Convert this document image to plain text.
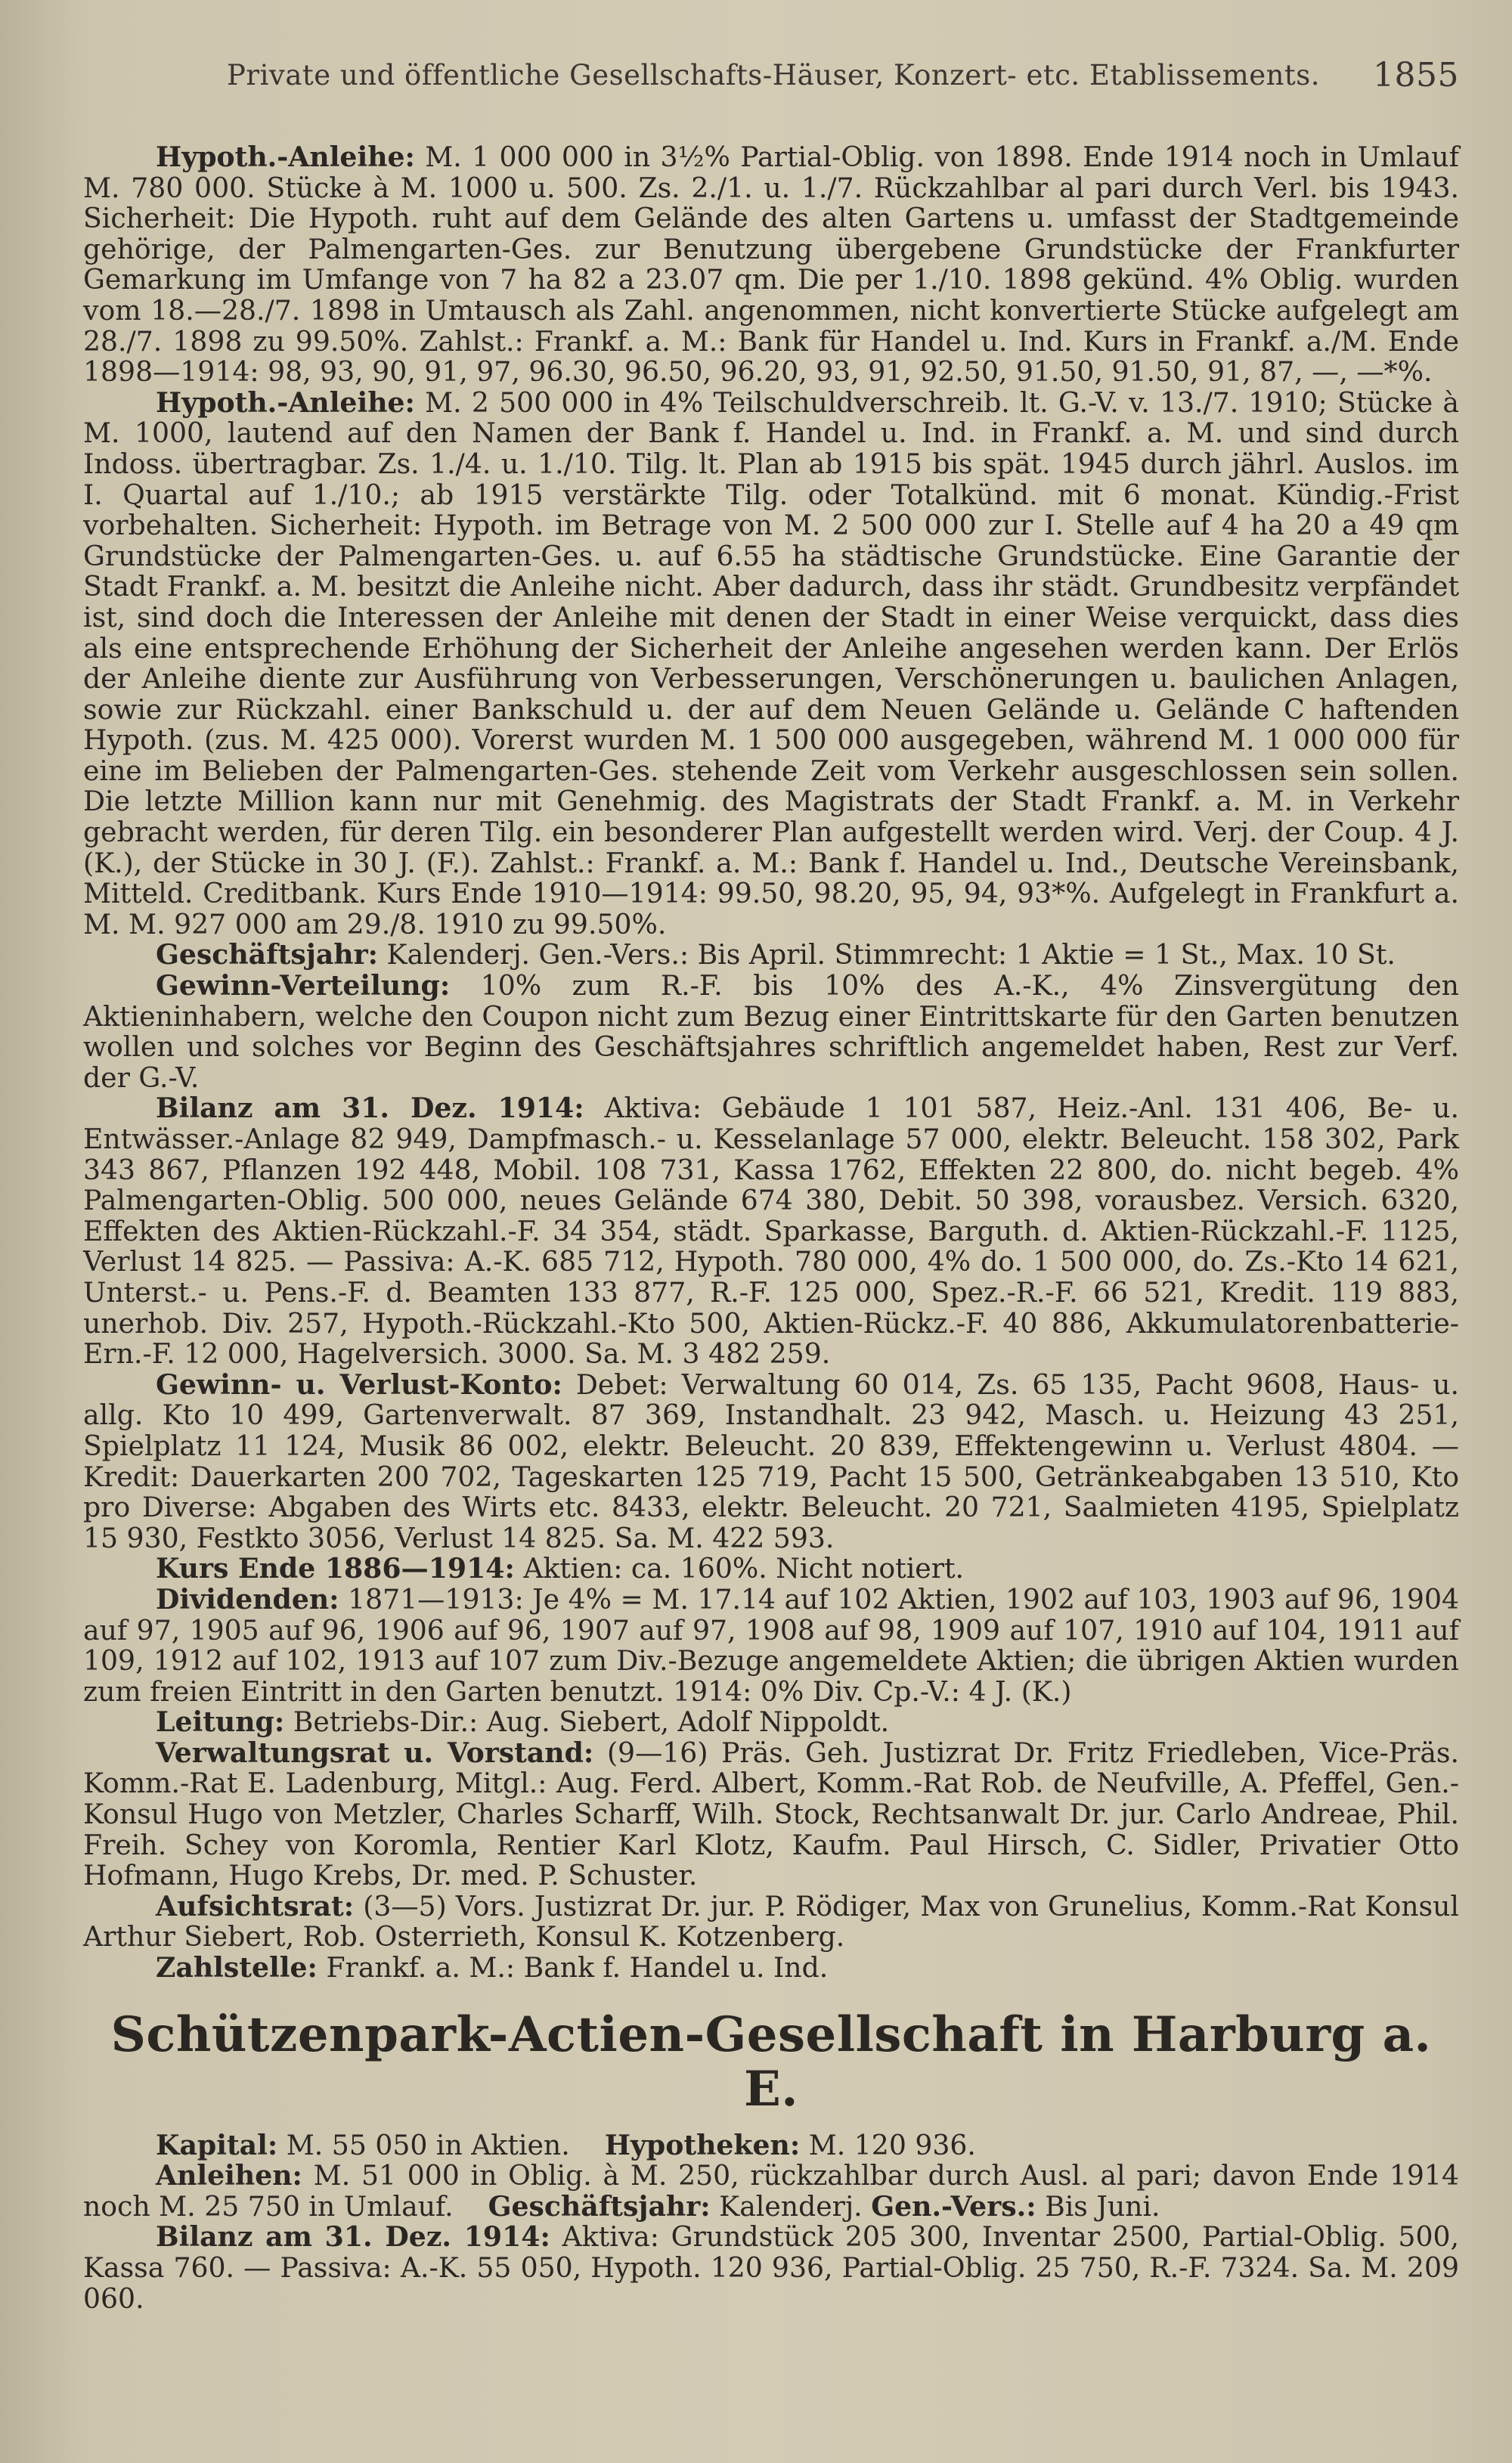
Private und öffentliche Gesellschafts-Häuser, Konzert- etc. Etablissements. 1855

Hypoth.-Anleihe: M. 1 000 000 in 3½% Partial-Oblig. von 1898. Ende 1914 noch in Umlauf M. 780 000. Stücke à M. 1000 u. 500. Zs. 2./1. u. 1./7. Rückzahlbar al pari durch Verl. bis 1943. Sicherheit: Die Hypoth. ruht auf dem Gelände des alten Gartens u. umfasst der Stadtgemeinde gehörige, der Palmengarten-Ges. zur Benutzung übergebene Grundstücke der Frankfurter Gemarkung im Umfange von 7 ha 82 a 23.07 qm. Die per 1./10. 1898 gekünd. 4% Oblig. wurden vom 18.—28./7. 1898 in Umtausch als Zahl. angenommen, nicht konvertierte Stücke aufgelegt am 28./7. 1898 zu 99.50%. Zahlst.: Frankf. a. M.: Bank für Handel u. Ind. Kurs in Frankf. a./M. Ende 1898—1914: 98, 93, 90, 91, 97, 96.30, 96.50, 96.20, 93, 91, 92.50, 91.50, 91.50, 91, 87, —, —*%.

Hypoth.-Anleihe: M. 2 500 000 in 4% Teilschuldverschreib. lt. G.-V. v. 13./7. 1910; Stücke à M. 1000, lautend auf den Namen der Bank f. Handel u. Ind. in Frankf. a. M. und sind durch Indoss. übertragbar. Zs. 1./4. u. 1./10. Tilg. lt. Plan ab 1915 bis spät. 1945 durch jährl. Auslos. im I. Quartal auf 1./10.; ab 1915 verstärkte Tilg. oder Totalkünd. mit 6 monat. Kündig.-Frist vorbehalten. Sicherheit: Hypoth. im Betrage von M. 2 500 000 zur I. Stelle auf 4 ha 20 a 49 qm Grundstücke der Palmengarten-Ges. u. auf 6.55 ha städtische Grundstücke. Eine Garantie der Stadt Frankf. a. M. besitzt die Anleihe nicht. Aber dadurch, dass ihr städt. Grundbesitz verpfändet ist, sind doch die Interessen der Anleihe mit denen der Stadt in einer Weise verquickt, dass dies als eine entsprechende Erhöhung der Sicherheit der Anleihe angesehen werden kann. Der Erlös der Anleihe diente zur Ausführung von Verbesserungen, Verschönerungen u. baulichen Anlagen, sowie zur Rückzahl. einer Bankschuld u. der auf dem Neuen Gelände u. Gelände C haftenden Hypoth. (zus. M. 425 000). Vorerst wurden M. 1 500 000 ausgegeben, während M. 1 000 000 für eine im Belieben der Palmengarten-Ges. stehende Zeit vom Verkehr ausgeschlossen sein sollen. Die letzte Million kann nur mit Genehmig. des Magistrats der Stadt Frankf. a. M. in Verkehr gebracht werden, für deren Tilg. ein besonderer Plan aufgestellt werden wird. Verj. der Coup. 4 J. (K.), der Stücke in 30 J. (F.). Zahlst.: Frankf. a. M.: Bank f. Handel u. Ind., Deutsche Vereinsbank, Mitteld. Creditbank. Kurs Ende 1910—1914: 99.50, 98.20, 95, 94, 93*%. Aufgelegt in Frankfurt a. M. M. 927 000 am 29./8. 1910 zu 99.50%.

Geschäftsjahr: Kalenderj. Gen.-Vers.: Bis April. Stimmrecht: 1 Aktie = 1 St., Max. 10 St.

Gewinn-Verteilung: 10% zum R.-F. bis 10% des A.-K., 4% Zinsvergütung den Aktieninhabern, welche den Coupon nicht zum Bezug einer Eintrittskarte für den Garten benutzen wollen und solches vor Beginn des Geschäftsjahres schriftlich angemeldet haben, Rest zur Verf. der G.-V.

Bilanz am 31. Dez. 1914: Aktiva: Gebäude 1 101 587, Heiz.-Anl. 131 406, Be- u. Entwässer.-Anlage 82 949, Dampfmasch.- u. Kesselanlage 57 000, elektr. Beleucht. 158 302, Park 343 867, Pflanzen 192 448, Mobil. 108 731, Kassa 1762, Effekten 22 800, do. nicht begeb. 4% Palmengarten-Oblig. 500 000, neues Gelände 674 380, Debit. 50 398, vorausbez. Versich. 6320, Effekten des Aktien-Rückzahl.-F. 34 354, städt. Sparkasse, Barguth. d. Aktien-Rückzahl.-F. 1125, Verlust 14 825. — Passiva: A.-K. 685 712, Hypoth. 780 000, 4% do. 1 500 000, do. Zs.-Kto 14 621, Unterst.- u. Pens.-F. d. Beamten 133 877, R.-F. 125 000, Spez.-R.-F. 66 521, Kredit. 119 883, unerhob. Div. 257, Hypoth.-Rückzahl.-Kto 500, Aktien-Rückz.-F. 40 886, Akkumulatorenbatterie-Ern.-F. 12 000, Hagelversich. 3000. Sa. M. 3 482 259.

Gewinn- u. Verlust-Konto: Debet: Verwaltung 60 014, Zs. 65 135, Pacht 9608, Haus- u. allg. Kto 10 499, Gartenverwalt. 87 369, Instandhalt. 23 942, Masch. u. Heizung 43 251, Spielplatz 11 124, Musik 86 002, elektr. Beleucht. 20 839, Effektengewinn u. Verlust 4804. — Kredit: Dauerkarten 200 702, Tageskarten 125 719, Pacht 15 500, Getränkeabgaben 13 510, Kto pro Diverse: Abgaben des Wirts etc. 8433, elektr. Beleucht. 20 721, Saalmieten 4195, Spielplatz 15 930, Festkto 3056, Verlust 14 825. Sa. M. 422 593.

Kurs Ende 1886—1914: Aktien: ca. 160%. Nicht notiert.

Dividenden: 1871—1913: Je 4% = M. 17.14 auf 102 Aktien, 1902 auf 103, 1903 auf 96, 1904 auf 97, 1905 auf 96, 1906 auf 96, 1907 auf 97, 1908 auf 98, 1909 auf 107, 1910 auf 104, 1911 auf 109, 1912 auf 102, 1913 auf 107 zum Div.-Bezuge angemeldete Aktien; die übrigen Aktien wurden zum freien Eintritt in den Garten benutzt. 1914: 0% Div. Cp.-V.: 4 J. (K.)

Leitung: Betriebs-Dir.: Aug. Siebert, Adolf Nippoldt.

Verwaltungsrat u. Vorstand: (9—16) Präs. Geh. Justizrat Dr. Fritz Friedleben, Vice-Präs. Komm.-Rat E. Ladenburg, Mitgl.: Aug. Ferd. Albert, Komm.-Rat Rob. de Neufville, A. Pfeffel, Gen.-Konsul Hugo von Metzler, Charles Scharff, Wilh. Stock, Rechtsanwalt Dr. jur. Carlo Andreae, Phil. Freih. Schey von Koromla, Rentier Karl Klotz, Kaufm. Paul Hirsch, C. Sidler, Privatier Otto Hofmann, Hugo Krebs, Dr. med. P. Schuster.

Aufsichtsrat: (3—5) Vors. Justizrat Dr. jur. P. Rödiger, Max von Grunelius, Komm.-Rat Konsul Arthur Siebert, Rob. Osterrieth, Konsul K. Kotzenberg.

Zahlstelle: Frankf. a. M.: Bank f. Handel u. Ind.

Schützenpark-Actien-Gesellschaft in Harburg a. E.

Kapital: M. 55 050 in Aktien. Hypotheken: M. 120 936.

Anleihen: M. 51 000 in Oblig. à M. 250, rückzahlbar durch Ausl. al pari; davon Ende 1914 noch M. 25 750 in Umlauf. Geschäftsjahr: Kalenderj. Gen.-Vers.: Bis Juni.

Bilanz am 31. Dez. 1914: Aktiva: Grundstück 205 300, Inventar 2500, Partial-Oblig. 500, Kassa 760. — Passiva: A.-K. 55 050, Hypoth. 120 936, Partial-Oblig. 25 750, R.-F. 7324. Sa. M. 209 060.
